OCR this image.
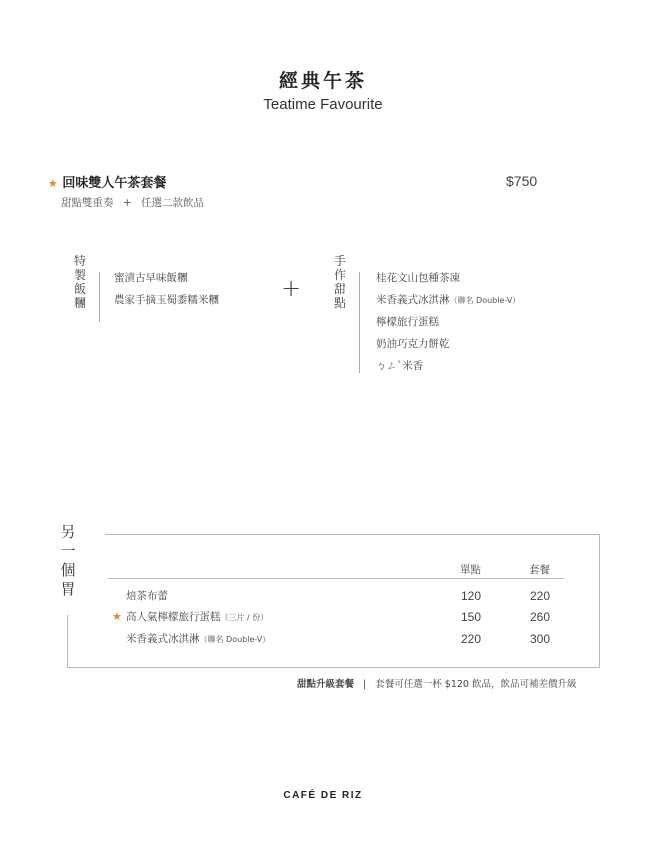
經典午茶
Teatime Favourite
★ 回味雙人午茶套餐	$750
甜點雙重奏 + 任選二款飲品
特
製
飯
糰
蜜漬古早味飯糰
農家手摘玉蜀黍糯米糰	+
手
作
甜
點
桂花文山包種茶凍
米香義式冰淇淋（聯名 Double-V）
檸檬旅行蛋糕
奶油巧克力餅乾
ㄅㄥˋ米香
另
一
個
胃
單點	套餐
焙茶布蕾	120	220
★ 高人氣檸檬旅行蛋糕（三片 / 份）	150	260
米香義式冰淇淋（聯名 Double-V）	220	300
甜點升級套餐 | 套餐可任選一杯 $120 飲品，飲品可補差價升級
CAFÉ DE RIZ
